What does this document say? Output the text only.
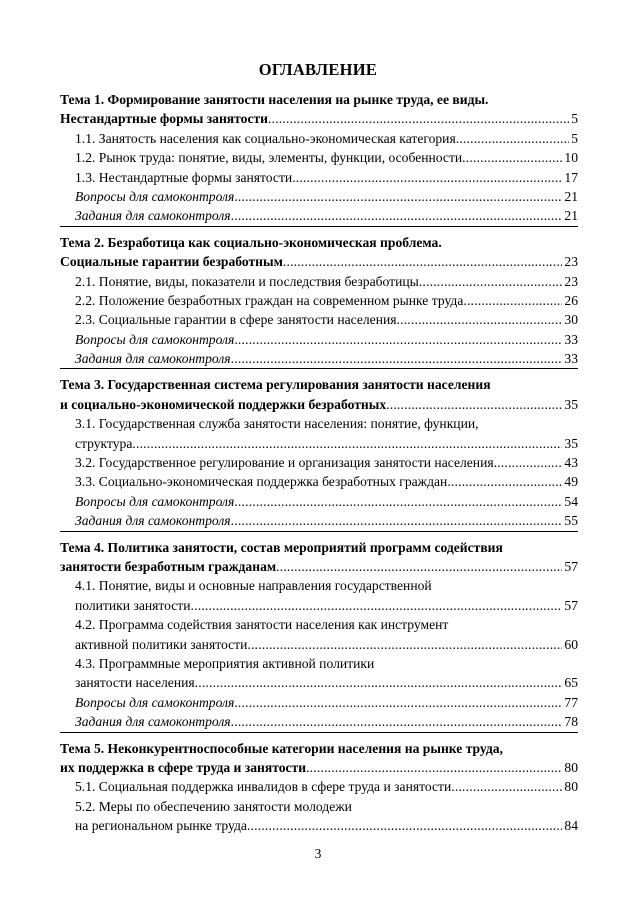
ОГЛАВЛЕНИЕ
Тема 1. Формирование занятости населения на рынке труда, ее виды.
Нестандартные формы занятости .....	5
1.1. Занятость населения как социально-экономическая категория .....	5
1.2. Рынок труда: понятие, виды, элементы, функции, особенности .....	10
1.3. Нестандартные формы занятости .....	17
Вопросы для самоконтроля .....	21
Задания для самоконтроля .....	21
Тема 2. Безработица как социально-экономическая проблема.
Социальные гарантии безработным .....	23
2.1. Понятие, виды, показатели и последствия безработицы .....	23
2.2. Положение безработных граждан на современном рынке труда .....	26
2.3. Социальные гарантии в сфере занятости населения .....	30
Вопросы для самоконтроля .....	33
Задания для самоконтроля .....	33
Тема 3. Государственная система регулирования занятости населения
и социально-экономической поддержки безработных .....	35
3.1. Государственная служба занятости населения: понятие, функции,
структура .....	35
3.2. Государственное регулирование и организация занятости населения .....	43
3.3. Социально-экономическая поддержка безработных граждан .....	49
Вопросы для самоконтроля .....	54
Задания для самоконтроля .....	55
Тема 4. Политика занятости, состав мероприятий программ содействия
занятости безработным гражданам .....	57
4.1. Понятие, виды и основные направления государственной
политики занятости .....	57
4.2. Программа содействия занятости населения как инструмент
активной политики занятости .....	60
4.3. Программные мероприятия активной политики
занятости населения .....	65
Вопросы для самоконтроля .....	77
Задания для самоконтроля .....	78
Тема 5. Неконкурентноспособные категории населения на рынке труда,
их поддержка в сфере труда и занятости .....	80
5.1. Социальная поддержка инвалидов в сфере труда и занятости .....	80
5.2. Меры по обеспечению занятости молодежи
на региональном рынке труда .....	84
3
